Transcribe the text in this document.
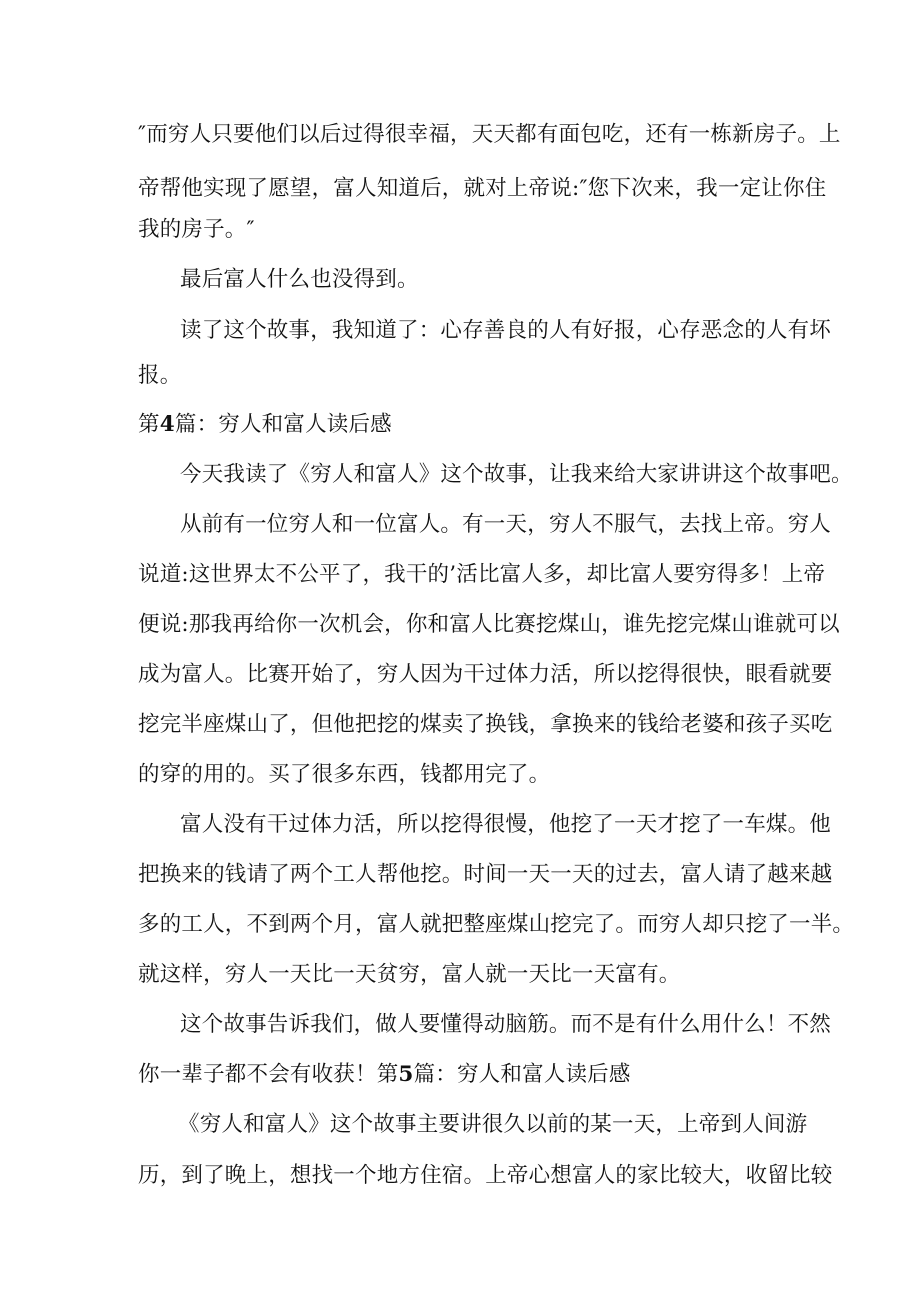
″而穷人只要他们以后过得很幸福，天天都有面包吃，还有一栋新房子。上
帝帮他实现了愿望，富人知道后，就对上帝说:″您下次来，我一定让你住
我的房子。″
最后富人什么也没得到。
读了这个故事，我知道了：心存善良的人有好报，心存恶念的人有坏
报。
第4篇：穷人和富人读后感
今天我读了《穷人和富人》这个故事，让我来给大家讲讲这个故事吧。
从前有一位穷人和一位富人。有一天，穷人不服气，去找上帝。穷人
说道:这世界太不公平了，我干的’活比富人多，却比富人要穷得多！上帝
便说:那我再给你一次机会，你和富人比赛挖煤山，谁先挖完煤山谁就可以
成为富人。比赛开始了，穷人因为干过体力活，所以挖得很快，眼看就要
挖完半座煤山了，但他把挖的煤卖了换钱，拿换来的钱给老婆和孩子买吃
的穿的用的。买了很多东西，钱都用完了。
富人没有干过体力活，所以挖得很慢，他挖了一天才挖了一车煤。他
把换来的钱请了两个工人帮他挖。时间一天一天的过去，富人请了越来越
多的工人，不到两个月，富人就把整座煤山挖完了。而穷人却只挖了一半。
就这样，穷人一天比一天贫穷，富人就一天比一天富有。
这个故事告诉我们，做人要懂得动脑筋。而不是有什么用什么！不然
你一辈子都不会有收获！第5篇：穷人和富人读后感
《穷人和富人》这个故事主要讲很久以前的某一天，上帝到人间游
历，到了晚上，想找一个地方住宿。上帝心想富人的家比较大，收留比较
